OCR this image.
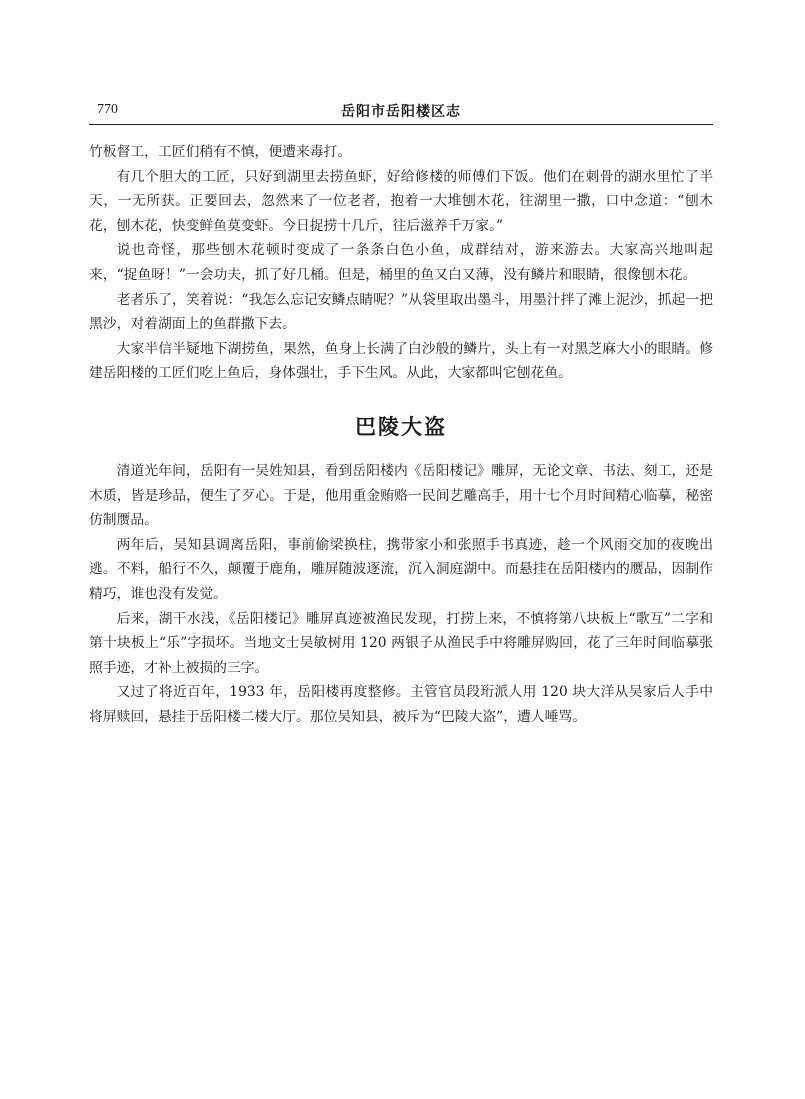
770	岳阳市岳阳楼区志

竹板督工，工匠们稍有不慎，便遭来毒打。

有几个胆大的工匠，只好到湖里去捞鱼虾，好给修楼的师傅们下饭。他们在刺骨的湖水里忙了半天，一无所获。正要回去，忽然来了一位老者，抱着一大堆刨木花，往湖里一撒，口中念道：“刨木花，刨木花，快变鲜鱼莫变虾。今日捉捞十几斤，往后滋养千万家。”

说也奇怪，那些刨木花顿时变成了一条条白色小鱼，成群结对，游来游去。大家高兴地叫起来，“捉鱼呀！”一会功夫，抓了好几桶。但是，桶里的鱼又白又薄，没有鳞片和眼睛，很像刨木花。

老者乐了，笑着说：“我怎么忘记安鳞点睛呢？”从袋里取出墨斗，用墨汁拌了滩上泥沙，抓起一把黑沙，对着湖面上的鱼群撒下去。

大家半信半疑地下湖捞鱼，果然，鱼身上长满了白沙般的鳞片，头上有一对黑芝麻大小的眼睛。修建岳阳楼的工匠们吃上鱼后，身体强壮，手下生风。从此，大家都叫它刨花鱼。

巴陵大盗

清道光年间，岳阳有一吴姓知县，看到岳阳楼内《岳阳楼记》雕屏，无论文章、书法、刻工，还是木质，皆是珍品，便生了歹心。于是，他用重金贿赂一民间艺雕高手，用十七个月时间精心临摹，秘密仿制赝品。

两年后，吴知县调离岳阳，事前偷梁换柱，携带家小和张照手书真迹，趁一个风雨交加的夜晚出逃。不料，船行不久，颠覆于鹿角，雕屏随波逐流，沉入洞庭湖中。而悬挂在岳阳楼内的赝品，因制作精巧，谁也没有发觉。

后来，湖干水浅，《岳阳楼记》雕屏真迹被渔民发现，打捞上来，不慎将第八块板上“歌互”二字和第十块板上“乐”字损坏。当地文士吴敏树用 120 两银子从渔民手中将雕屏购回，花了三年时间临摹张照手迹，才补上被损的三字。

又过了将近百年，1933 年，岳阳楼再度整修。主管官员段珩派人用 120 块大洋从吴家后人手中将屏赎回，悬挂于岳阳楼二楼大厅。那位吴知县，被斥为“巴陵大盗”，遭人唾骂。
